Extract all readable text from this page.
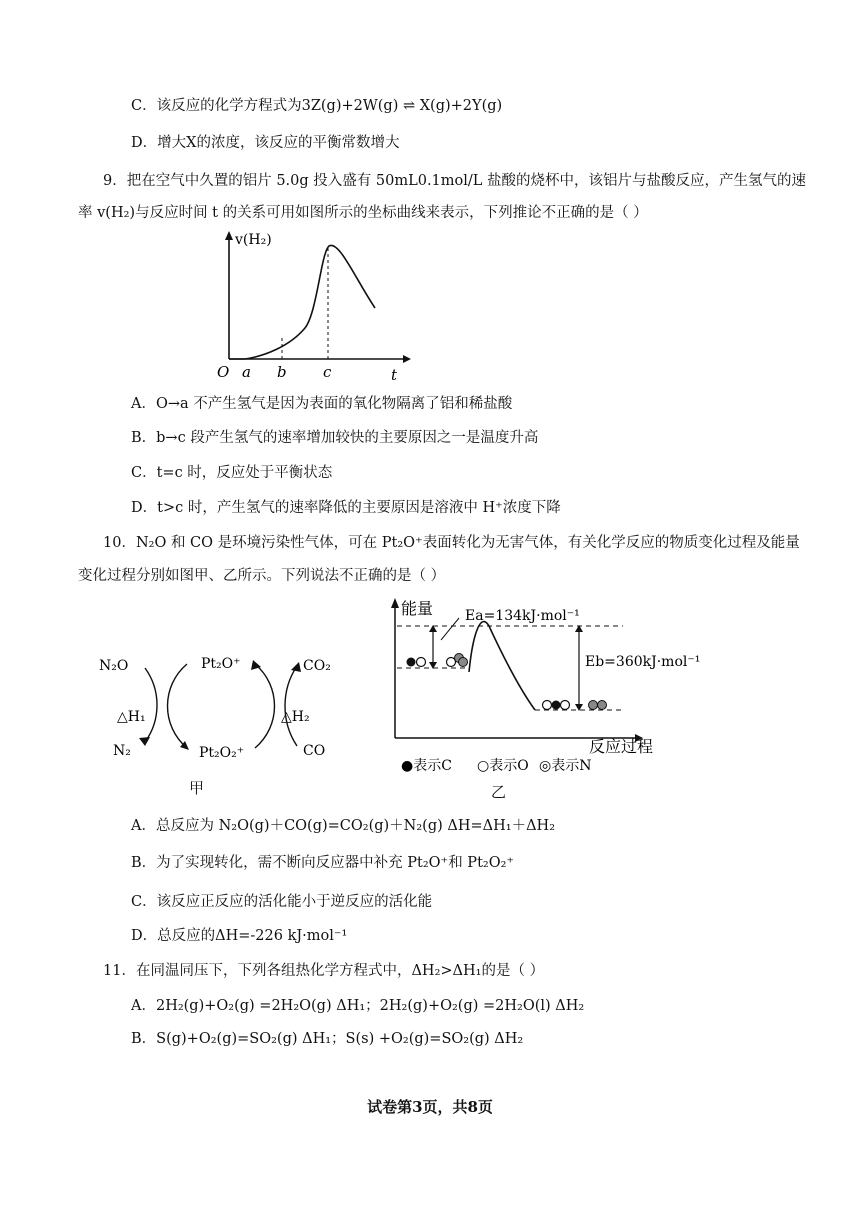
C．该反应的化学方程式为3Z(g)+2W(g) ⇌ X(g)+2Y(g)
D．增大X的浓度，该反应的平衡常数增大
9．把在空气中久置的铝片 5.0g 投入盛有 50mL0.1mol/L 盐酸的烧杯中，该铝片与盐酸反应，产生氢气的速
率 v(H₂)与反应时间 t 的关系可用如图所示的坐标曲线来表示，下列推论不正确的是（ ）
v(H₂)
t
O a b c
A．O→a 不产生氢气是因为表面的氧化物隔离了铝和稀盐酸
B．b→c 段产生氢气的速率增加较快的主要原因之一是温度升高
C．t=c 时，反应处于平衡状态
D．t>c 时，产生氢气的速率降低的主要原因是溶液中 H⁺浓度下降
10．N₂O 和 CO 是环境污染性气体，可在 Pt₂O⁺表面转化为无害气体，有关化学反应的物质变化过程及能量
变化过程分别如图甲、乙所示。下列说法不正确的是（ ）
N₂O	Pt₂O⁺	CO₂
△H₁	△H₂
N₂	Pt₂O₂⁺	CO
甲
能量 Ea=134kJ·mol⁻¹
Eb=360kJ·mol⁻¹
反应过程
●表示C ○表示O ◎表示N
乙
A．总反应为 N₂O(g)＋CO(g)=CO₂(g)＋N₂(g) ΔH=ΔH₁＋ΔH₂
B．为了实现转化，需不断向反应器中补充 Pt₂O⁺和 Pt₂O₂⁺
C．该反应正反应的活化能小于逆反应的活化能
D．总反应的ΔH=-226 kJ·mol⁻¹
11．在同温同压下，下列各组热化学方程式中，ΔH₂>ΔH₁的是（ ）
A．2H₂(g)+O₂(g) =2H₂O(g) ΔH₁；2H₂(g)+O₂(g) =2H₂O(l) ΔH₂
B．S(g)+O₂(g)=SO₂(g) ΔH₁；S(s) +O₂(g)=SO₂(g) ΔH₂
试卷第3页，共8页
